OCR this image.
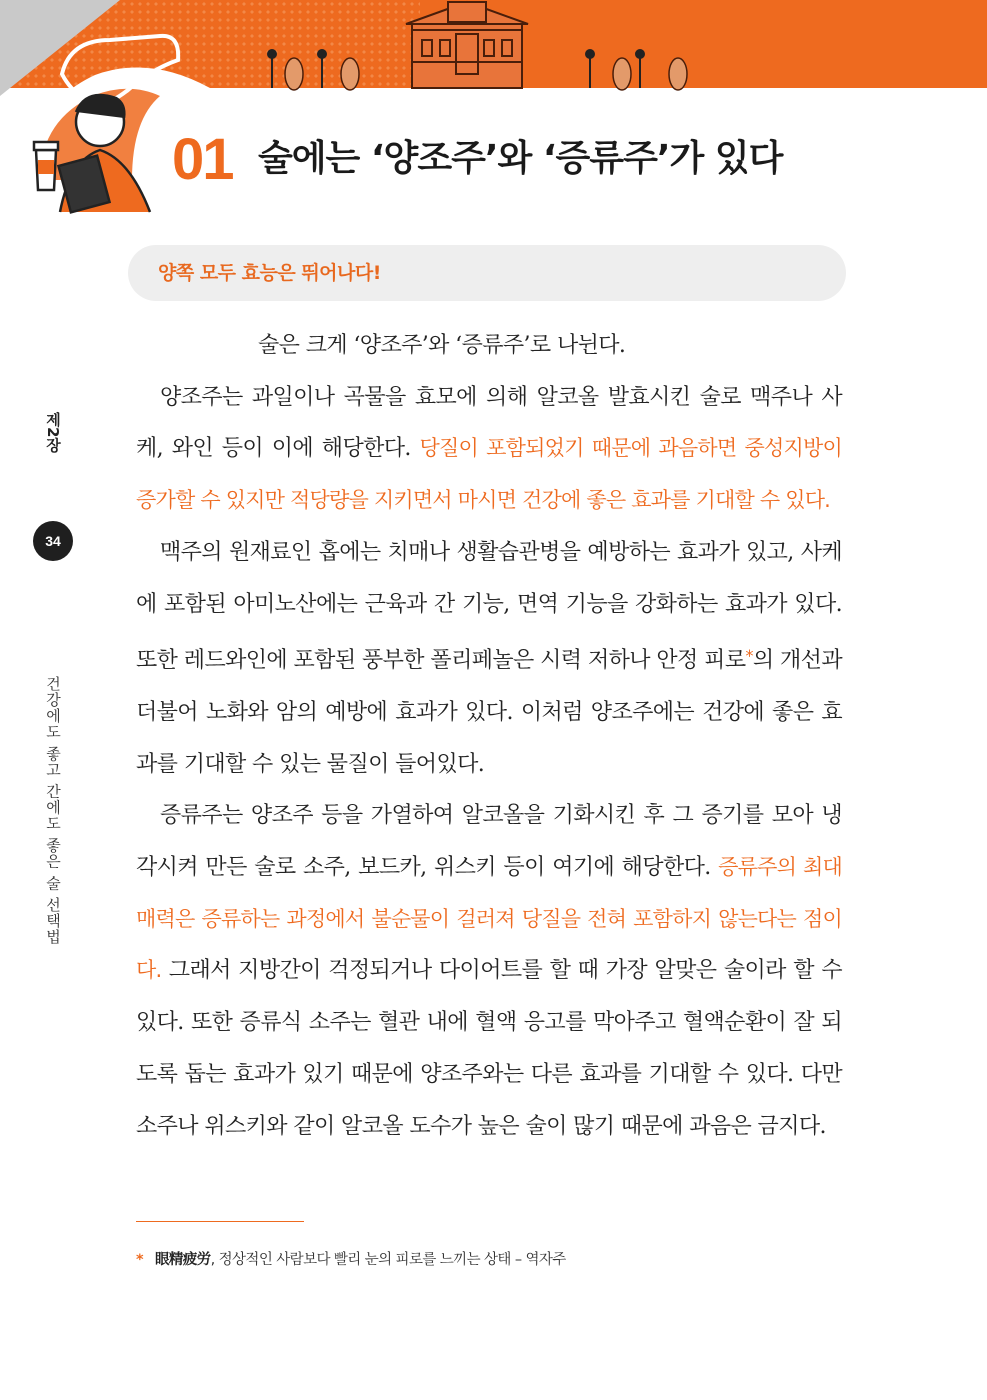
01 술에는 ‘양조주’와 ‘증류주’가 있다
양쪽 모두 효능은 뛰어나다!
제2장
34
건강에도 좋고 간에도 좋은 술 선택법

술은 크게 ‘양조주’와 ‘증류주’로 나뉜다.

양조주는 과일이나 곡물을 효모에 의해 알코올 발효시킨 술로 맥주나 사케, 와인 등이 이에 해당한다. 당질이 포함되었기 때문에 과음하면 중성지방이 증가할 수 있지만 적당량을 지키면서 마시면 건강에 좋은 효과를 기대할 수 있다.

맥주의 원재료인 홉에는 치매나 생활습관병을 예방하는 효과가 있고, 사케에 포함된 아미노산에는 근육과 간 기능, 면역 기능을 강화하는 효과가 있다. 또한 레드와인에 포함된 풍부한 폴리페놀은 시력 저하나 안정 피로*의 개선과 더불어 노화와 암의 예방에 효과가 있다. 이처럼 양조주에는 건강에 좋은 효과를 기대할 수 있는 물질이 들어있다.

증류주는 양조주 등을 가열하여 알코올을 기화시킨 후 그 증기를 모아 냉각시켜 만든 술로 소주, 보드카, 위스키 등이 여기에 해당한다. 증류주의 최대 매력은 증류하는 과정에서 불순물이 걸러져 당질을 전혀 포함하지 않는다는 점이다. 그래서 지방간이 걱정되거나 다이어트를 할 때 가장 알맞은 술이라 할 수 있다. 또한 증류식 소주는 혈관 내에 혈액 응고를 막아주고 혈액순환이 잘 되도록 돕는 효과가 있기 때문에 양조주와는 다른 효과를 기대할 수 있다. 다만 소주나 위스키와 같이 알코올 도수가 높은 술이 많기 때문에 과음은 금지다.

* 眼精疲労, 정상적인 사람보다 빨리 눈의 피로를 느끼는 상태 – 역자주
